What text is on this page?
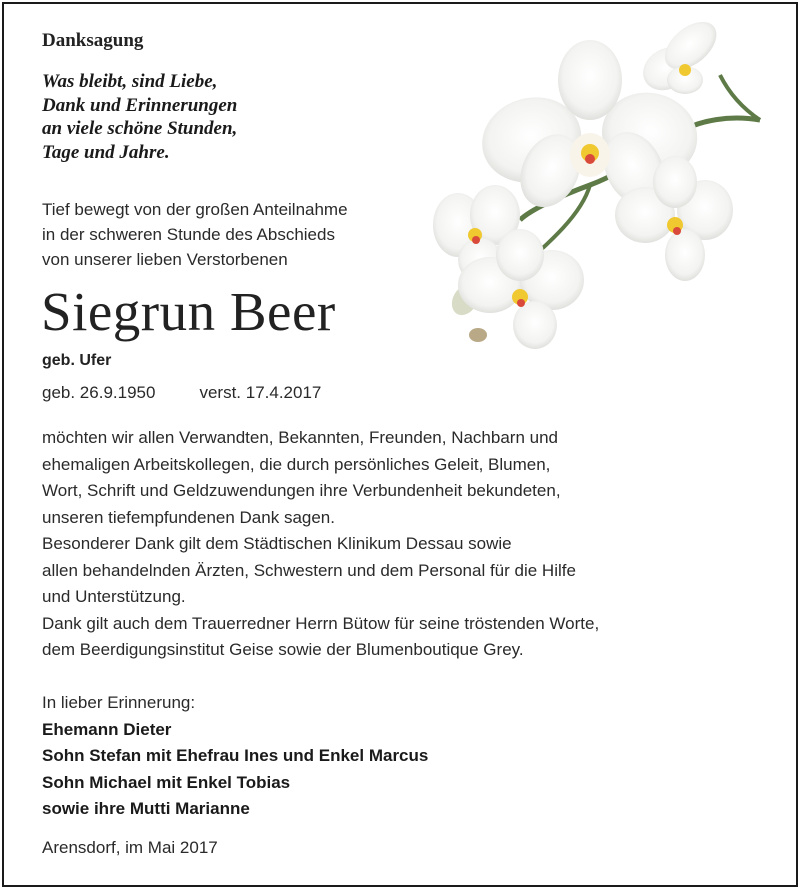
Danksagung
Was bleibt, sind Liebe,
Dank und Erinnerungen
an viele schöne Stunden,
Tage und Jahre.
Tief bewegt von der großen Anteilnahme
in der schweren Stunde des Abschieds
von unserer lieben Verstorbenen
Siegrun Beer
geb. Ufer
geb. 26.9.1950	verst. 17.4.2017

möchten wir allen Verwandten, Bekannten, Freunden, Nachbarn und
ehemaligen Arbeitskollegen, die durch persönliches Geleit, Blumen,
Wort, Schrift und Geldzuwendungen ihre Verbundenheit bekundeten,
unseren tiefempfundenen Dank sagen.

Besonderer Dank gilt dem Städtischen Klinikum Dessau sowie
allen behandelnden Ärzten, Schwestern und dem Personal für die Hilfe
und Unterstützung.

Dank gilt auch dem Trauerredner Herrn Bütow für seine tröstenden Worte,
dem Beerdigungsinstitut Geise sowie der Blumenboutique Grey.

In lieber Erinnerung:
Ehemann Dieter
Sohn Stefan mit Ehefrau Ines und Enkel Marcus
Sohn Michael mit Enkel Tobias
sowie ihre Mutti Marianne
Arensdorf, im Mai 2017
